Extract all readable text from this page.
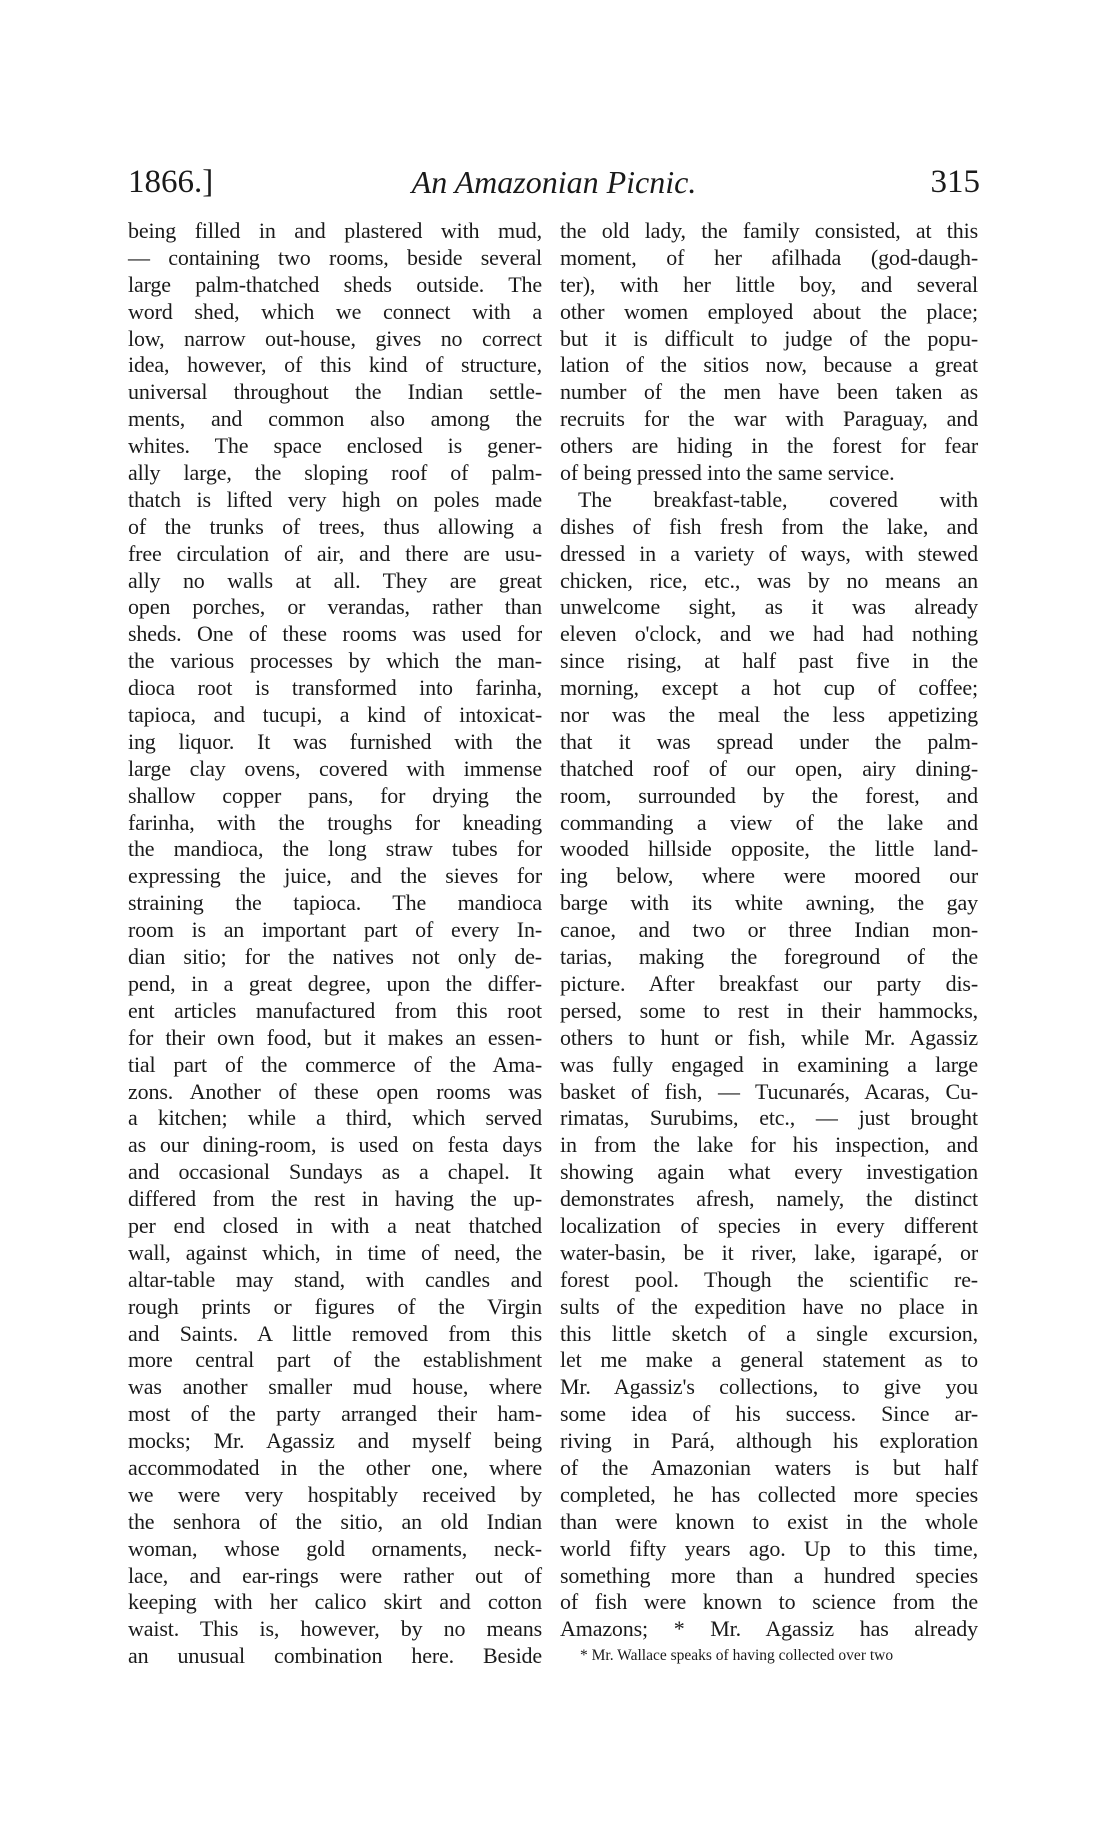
1866.]	An Amazonian Picnic.	315
being filled in and plastered with mud,
— containing two rooms, beside several
large palm-thatched sheds outside. The
word shed, which we connect with a
low, narrow out-house, gives no correct
idea, however, of this kind of structure,
universal throughout the Indian settle-
ments, and common also among the
whites. The space enclosed is gener-
ally large, the sloping roof of palm-
thatch is lifted very high on poles made
of the trunks of trees, thus allowing a
free circulation of air, and there are usu-
ally no walls at all. They are great
open porches, or verandas, rather than
sheds. One of these rooms was used for
the various processes by which the man-
dioca root is transformed into farinha,
tapioca, and tucupi, a kind of intoxicat-
ing liquor. It was furnished with the
large clay ovens, covered with immense
shallow copper pans, for drying the
farinha, with the troughs for kneading
the mandioca, the long straw tubes for
expressing the juice, and the sieves for
straining the tapioca. The mandioca
room is an important part of every In-
dian sitio; for the natives not only de-
pend, in a great degree, upon the differ-
ent articles manufactured from this root
for their own food, but it makes an essen-
tial part of the commerce of the Ama-
zons. Another of these open rooms was
a kitchen; while a third, which served
as our dining-room, is used on festa days
and occasional Sundays as a chapel. It
differed from the rest in having the up-
per end closed in with a neat thatched
wall, against which, in time of need, the
altar-table may stand, with candles and
rough prints or figures of the Virgin
and Saints. A little removed from this
more central part of the establishment
was another smaller mud house, where
most of the party arranged their ham-
mocks; Mr. Agassiz and myself being
accommodated in the other one, where
we were very hospitably received by
the senhora of the sitio, an old Indian
woman, whose gold ornaments, neck-
lace, and ear-rings were rather out of
keeping with her calico skirt and cotton
waist. This is, however, by no means
an unusual combination here. Beside
the old lady, the family consisted, at this
moment, of her afilhada (god-daugh-
ter), with her little boy, and several
other women employed about the place;
but it is difficult to judge of the popu-
lation of the sitios now, because a great
number of the men have been taken as
recruits for the war with Paraguay, and
others are hiding in the forest for fear
of being pressed into the same service.
The breakfast-table, covered with
dishes of fish fresh from the lake, and
dressed in a variety of ways, with stewed
chicken, rice, etc., was by no means an
unwelcome sight, as it was already
eleven o'clock, and we had had nothing
since rising, at half past five in the
morning, except a hot cup of coffee;
nor was the meal the less appetizing
that it was spread under the palm-
thatched roof of our open, airy dining-
room, surrounded by the forest, and
commanding a view of the lake and
wooded hillside opposite, the little land-
ing below, where were moored our
barge with its white awning, the gay
canoe, and two or three Indian mon-
tarias, making the foreground of the
picture. After breakfast our party dis-
persed, some to rest in their hammocks,
others to hunt or fish, while Mr. Agassiz
was fully engaged in examining a large
basket of fish, — Tucunarés, Acaras, Cu-
rimatas, Surubims, etc., — just brought
in from the lake for his inspection, and
showing again what every investigation
demonstrates afresh, namely, the distinct
localization of species in every different
water-basin, be it river, lake, igarapé, or
forest pool. Though the scientific re-
sults of the expedition have no place in
this little sketch of a single excursion,
let me make a general statement as to
Mr. Agassiz's collections, to give you
some idea of his success. Since ar-
riving in Pará, although his exploration
of the Amazonian waters is but half
completed, he has collected more species
than were known to exist in the whole
world fifty years ago. Up to this time,
something more than a hundred species
of fish were known to science from the
Amazons; * Mr. Agassiz has already
* Mr. Wallace speaks of having collected over two
